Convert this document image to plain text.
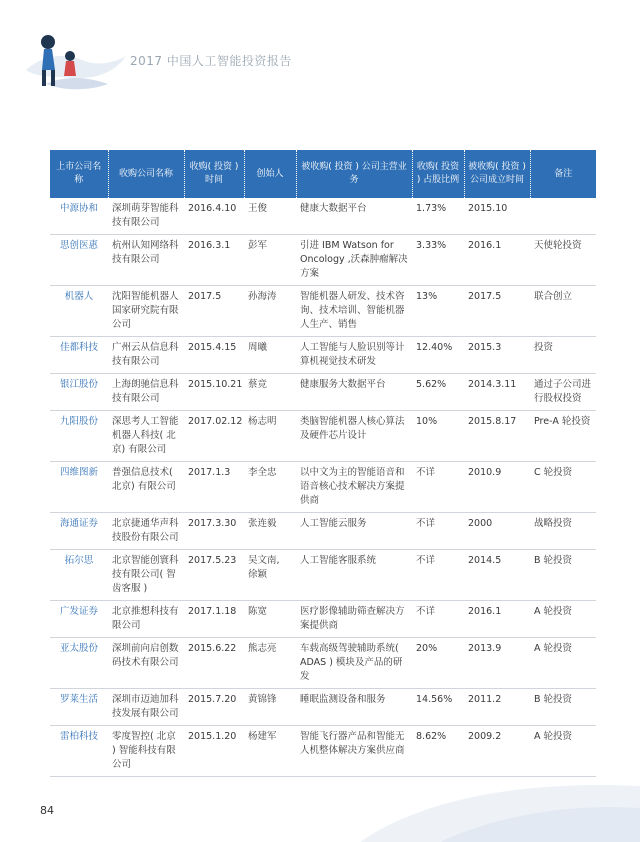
2017 中国人工智能投资报告
上市公司名称	收购公司名称	收购( 投资 ) 时间	创始人	被收购( 投资 ) 公司主营业务	收购( 投资 ) 占股比例	被收购( 投资 ) 公司成立时间	备注
中源协和	深圳萌芽智能科技有限公司	2016.4.10	王俊	健康大数据平台	1.73%	2015.10	
思创医惠	杭州认知网络科技有限公司	2016.3.1	彭军	引进 IBM Watson for Oncology ,沃森肿瘤解决方案	3.33%	2016.1	天使轮投资
机器人	沈阳智能机器人国家研究院有限公司	2017.5	孙海涛	智能机器人研发、技术咨询、技术培训、智能机器人生产、销售	13%	2017.5	联合创立
佳都科技	广州云从信息科技有限公司	2015.4.15	周曦	人工智能与人脸识别等计算机视觉技术研发	12.40%	2015.3	投资
银江股份	上海朗驰信息科技有限公司	2015.10.21	蔡竞	健康服务大数据平台	5.62%	2014.3.11	通过子公司进行股权投资
九阳股份	深思考人工智能机器人科技( 北京) 有限公司	2017.02.12	杨志明	类脑智能机器人核心算法及硬件芯片设计	10%	2015.8.17	Pre-A 轮投资
四维图新	普强信息技术( 北京) 有限公司	2017.1.3	李全忠	以中文为主的智能语音和语音核心技术解决方案提供商	不详	2010.9	C 轮投资
海通证券	北京捷通华声科技股份有限公司	2017.3.30	张连毅	人工智能云服务	不详	2000	战略投资
拓尔思	北京智能创寰科技有限公司( 智齿客服 )	2017.5.23	吴文南, 徐颖	人工智能客服系统	不详	2014.5	B 轮投资
广发证券	北京推想科技有限公司	2017.1.18	陈宽	医疗影像辅助筛查解决方案提供商	不详	2016.1	A 轮投资
亚太股份	深圳前向启创数码技术有限公司	2015.6.22	熊志亮	车载高级驾驶辅助系统( ADAS ) 模块及产品的研发	20%	2013.9	A 轮投资
罗莱生活	深圳市迈迪加科技发展有限公司	2015.7.20	黄锦锋	睡眠监测设备和服务	14.56%	2011.2	B 轮投资
雷柏科技	零度智控( 北京 ) 智能科技有限公司	2015.1.20	杨建军	智能飞行器产品和智能无人机整体解决方案供应商	8.62%	2009.2	A 轮投资
84
